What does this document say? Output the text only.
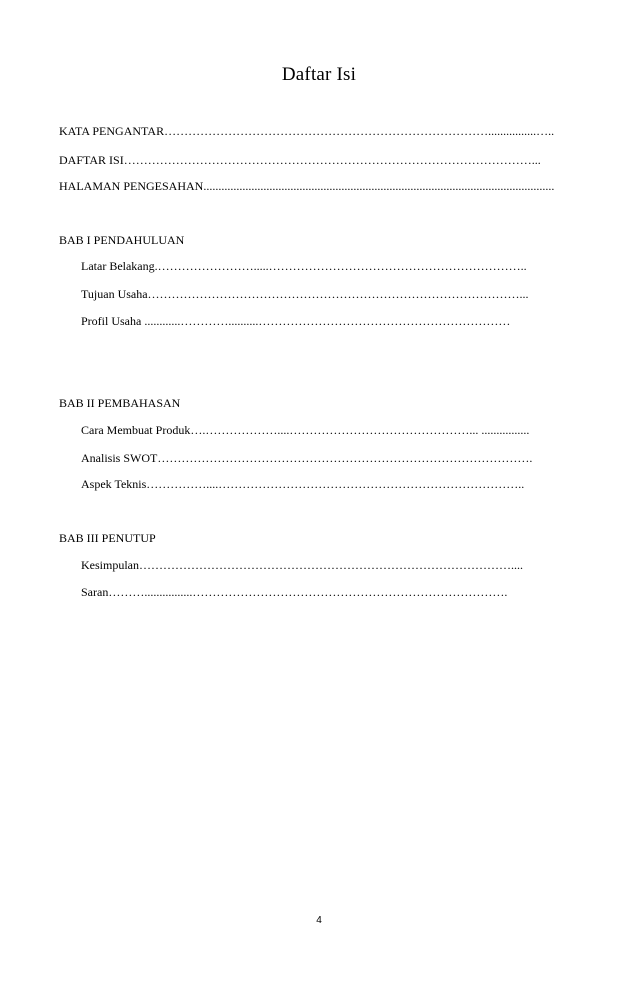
Daftar Isi
KATA PENGANTAR………………………………………………………………………................…..
DAFTAR ISI…………………………………………………………………………………………...
HALAMAN PENGESAHAN.....................................................................................................................
BAB I PENDAHULUAN
Latar Belakang.…………………….....………………………………………………………..
Tujuan Usaha…………………………………………………………………………………...
Profil Usaha ............…………..........………………………………………………………
BAB II PEMBAHASAN
Cara Membuat Produk….………………....………………………………………... ................
Analisis SWOT………………………………………………………………………………….
Aspek Teknis……………....…………………………………………………………………..
BAB III PENUTUP
Kesimpulan…………………………………………………………………………………....
Saran………................…………………………………………………………………….
4
